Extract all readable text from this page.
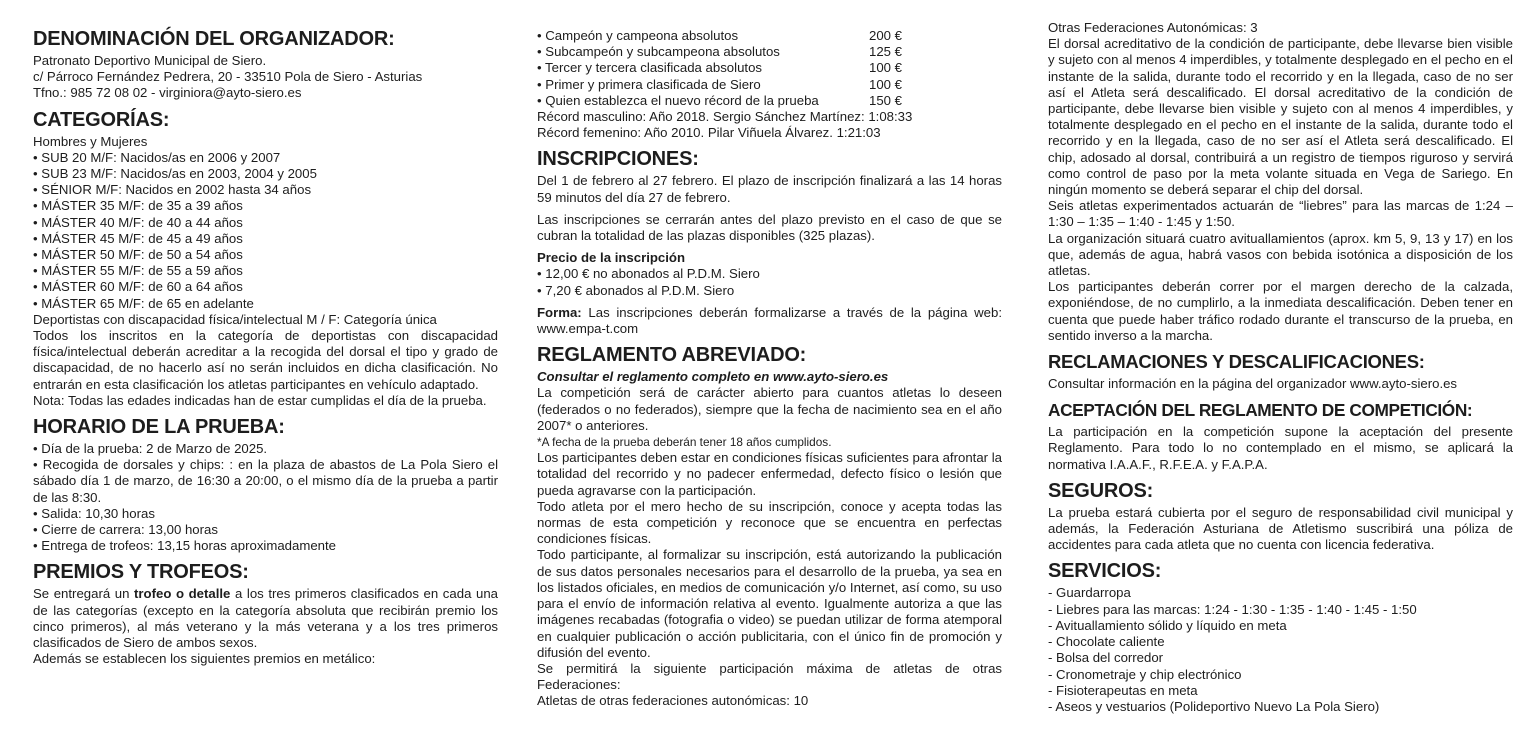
DENOMINACIÓN DEL ORGANIZADOR:
Patronato Deportivo Municipal de Siero.
c/ Párroco Fernández Pedrera, 20 - 33510 Pola de Siero - Asturias
Tfno.: 985 72 08 02 - virginiora@ayto-siero.es
CATEGORÍAS:
Hombres y Mujeres
• SUB 20 M/F: Nacidos/as en 2006 y 2007
• SUB 23 M/F: Nacidos/as en 2003, 2004 y 2005
• SÉNIOR M/F: Nacidos en 2002 hasta 34 años
• MÁSTER 35 M/F: de 35 a 39 años
• MÁSTER 40 M/F: de 40 a 44 años
• MÁSTER 45 M/F: de 45 a 49 años
• MÁSTER 50 M/F: de 50 a 54 años
• MÁSTER 55 M/F: de 55 a 59 años
• MÁSTER 60 M/F: de 60 a 64 años
• MÁSTER 65 M/F: de 65 en adelante
Deportistas con discapacidad física/intelectual M / F: Categoría única
Todos los inscritos en la categoría de deportistas con discapacidad física/intelectual deberán acreditar a la recogida del dorsal el tipo y grado de discapacidad, de no hacerlo así no serán incluidos en dicha clasificación. No entrarán en esta clasificación los atletas participantes en vehículo adaptado.
Nota: Todas las edades indicadas han de estar cumplidas el día de la prueba.
HORARIO DE LA PRUEBA:
• Día de la prueba: 2 de Marzo de 2025.
• Recogida de dorsales y chips: : en la plaza de abastos de La Pola Siero el sábado día 1 de marzo, de 16:30 a 20:00, o el mismo día de la prueba a partir de las 8:30.
• Salida: 10,30 horas
• Cierre de carrera: 13,00 horas
• Entrega de trofeos: 13,15 horas aproximadamente
PREMIOS Y TROFEOS:
Se entregará un trofeo o detalle a los tres primeros clasificados en cada una de las categorías (excepto en la categoría absoluta que recibirán premio los cinco primeros), al más veterano y la más veterana y a los tres primeros clasificados de Siero de ambos sexos.
Además se establecen los siguientes premios en metálico:
• Campeón y campeona absolutos	200 €
• Subcampeón y subcampeona absolutos	125 €
• Tercer y tercera clasificada absolutos	100 €
• Primer y primera clasificada de Siero	100 €
• Quien establezca el nuevo récord de la prueba	150 €
Récord masculino: Año 2018. Sergio Sánchez Martínez: 1:08:33
Récord femenino: Año 2010. Pilar Viñuela Álvarez. 1:21:03
INSCRIPCIONES:
Del 1 de febrero al 27 febrero. El plazo de inscripción finalizará a las 14 horas 59 minutos del día 27 de febrero.
Las inscripciones se cerrarán antes del plazo previsto en el caso de que se cubran la totalidad de las plazas disponibles (325 plazas).
Precio de la inscripción
• 12,00 € no abonados al P.D.M. Siero
• 7,20 € abonados al P.D.M. Siero
Forma: Las inscripciones deberán formalizarse a través de la página web: www.empa-t.com
REGLAMENTO ABREVIADO:
Consultar el reglamento completo en www.ayto-siero.es
La competición será de carácter abierto para cuantos atletas lo deseen (federados o no federados), siempre que la fecha de nacimiento sea en el año 2007* o anteriores.
*A fecha de la prueba deberán tener 18 años cumplidos.
Los participantes deben estar en condiciones físicas suficientes para afrontar la totalidad del recorrido y no padecer enfermedad, defecto físico o lesión que pueda agravarse con la participación.
Todo atleta por el mero hecho de su inscripción, conoce y acepta todas las normas de esta competición y reconoce que se encuentra en perfectas condiciones físicas.
Todo participante, al formalizar su inscripción, está autorizando la publicación de sus datos personales necesarios para el desarrollo de la prueba, ya sea en los listados oficiales, en medios de comunicación y/o Internet, así como, su uso para el envío de información relativa al evento. Igualmente autoriza a que las imágenes recabadas (fotografia o video) se puedan utilizar de forma atemporal en cualquier publicación o acción publicitaria, con el único fin de promoción y difusión del evento.
Se permitirá la siguiente participación máxima de atletas de otras Federaciones:
Atletas de otras federaciones autonómicas: 10
Otras Federaciones Autonómicas: 3
El dorsal acreditativo de la condición de participante, debe llevarse bien visible y sujeto con al menos 4 imperdibles, y totalmente desplegado en el pecho en el instante de la salida, durante todo el recorrido y en la llegada, caso de no ser así el Atleta será descalificado. El dorsal acreditativo de la condición de participante, debe llevarse bien visible y sujeto con al menos 4 imperdibles, y totalmente desplegado en el pecho en el instante de la salida, durante todo el recorrido y en la llegada, caso de no ser así el Atleta será descalificado. El chip, adosado al dorsal, contribuirá a un registro de tiempos riguroso y servirá como control de paso por la meta volante situada en Vega de Sariego. En ningún momento se deberá separar el chip del dorsal.
Seis atletas experimentados actuarán de “liebres” para las marcas de 1:24 – 1:30 – 1:35 – 1:40 - 1:45 y 1:50.
La organización situará cuatro avituallamientos (aprox. km 5, 9, 13 y 17) en los que, además de agua, habrá vasos con bebida isotónica a disposición de los atletas.
Los participantes deberán correr por el margen derecho de la calzada, exponiéndose, de no cumplirlo, a la inmediata descalificación. Deben tener en cuenta que puede haber tráfico rodado durante el transcurso de la prueba, en sentido inverso a la marcha.
RECLAMACIONES Y DESCALIFICACIONES:
Consultar información en la página del organizador www.ayto-siero.es
ACEPTACIÓN DEL REGLAMENTO DE COMPETICIÓN:
La participación en la competición supone la aceptación del presente Reglamento. Para todo lo no contemplado en el mismo, se aplicará la normativa I.A.A.F., R.F.E.A. y F.A.P.A.
SEGUROS:
La prueba estará cubierta por el seguro de responsabilidad civil municipal y además, la Federación Asturiana de Atletismo suscribirá una póliza de accidentes para cada atleta que no cuenta con licencia federativa.
SERVICIOS:
- Guardarropa
- Liebres para las marcas: 1:24 - 1:30 - 1:35 - 1:40 - 1:45 - 1:50
- Avituallamiento sólido y líquido en meta
- Chocolate caliente
- Bolsa del corredor
- Cronometraje y chip electrónico
- Fisioterapeutas en meta
- Aseos y vestuarios (Polideportivo Nuevo La Pola Siero)
